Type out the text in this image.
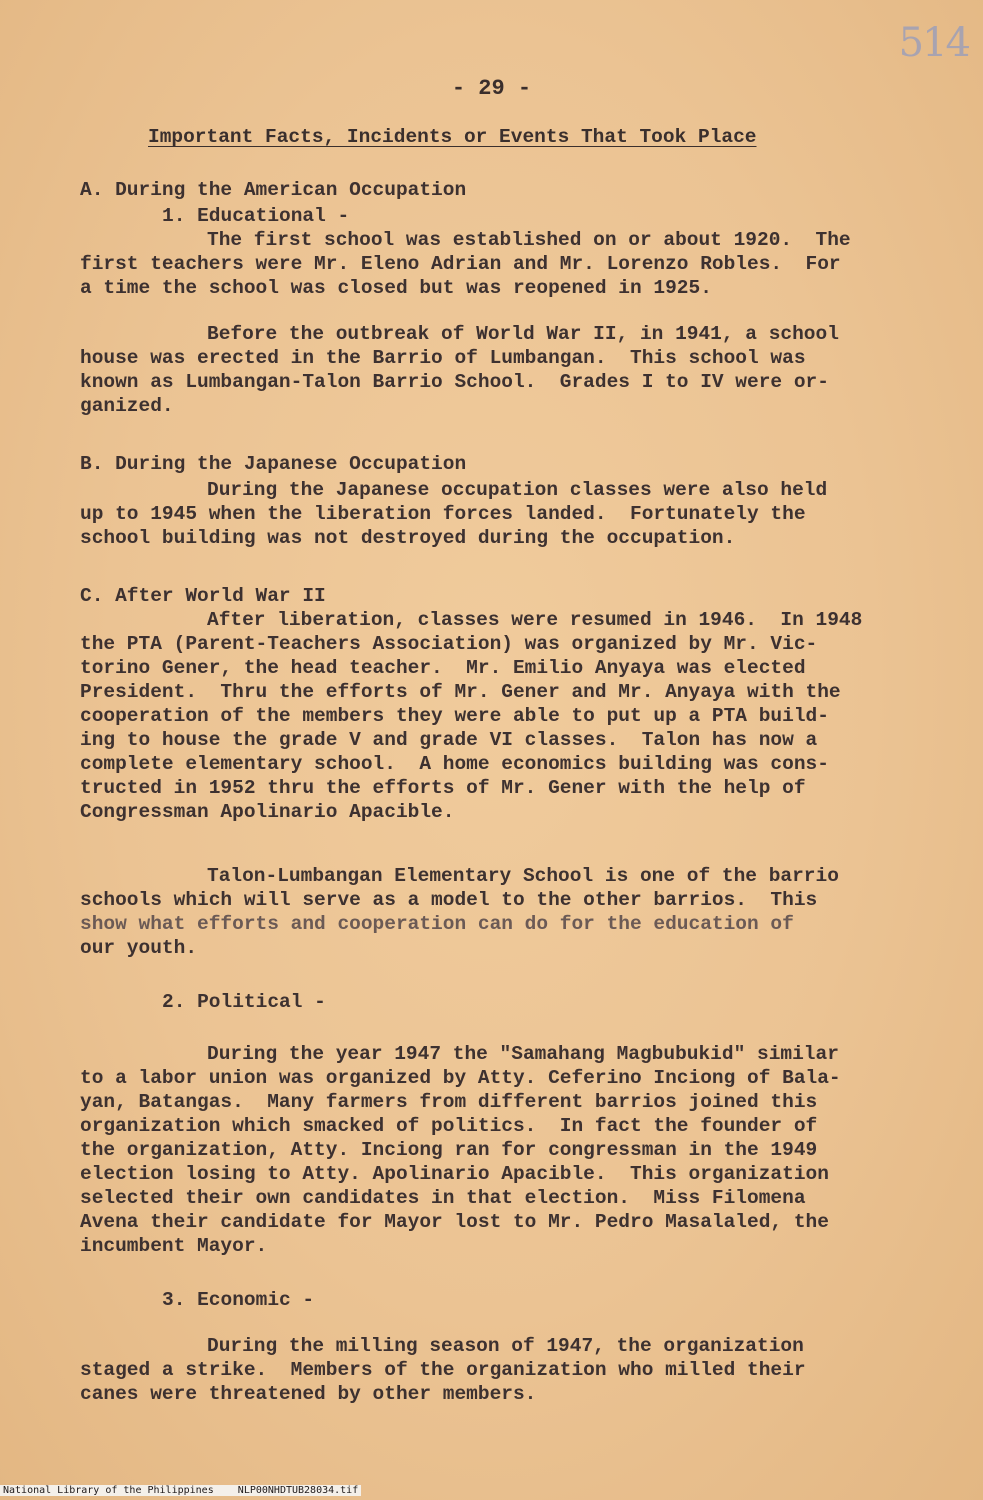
514
- 29 -
Important Facts, Incidents or Events That Took Place
A. During the American Occupation
1. Educational -
The first school was established on or about 1920.  The
first teachers were Mr. Eleno Adrian and Mr. Lorenzo Robles.  For
a time the school was closed but was reopened in 1925.
Before the outbreak of World War II, in 1941, a school
house was erected in the Barrio of Lumbangan.  This school was
known as Lumbangan-Talon Barrio School.  Grades I to IV were or-
ganized.
B. During the Japanese Occupation
During the Japanese occupation classes were also held
up to 1945 when the liberation forces landed.  Fortunately the
school building was not destroyed during the occupation.
C. After World War II
After liberation, classes were resumed in 1946.  In 1948
the PTA (Parent-Teachers Association) was organized by Mr. Vic-
torino Gener, the head teacher.  Mr. Emilio Anyaya was elected
President.  Thru the efforts of Mr. Gener and Mr. Anyaya with the
cooperation of the members they were able to put up a PTA build-
ing to house the grade V and grade VI classes.  Talon has now a
complete elementary school.  A home economics building was cons-
tructed in 1952 thru the efforts of Mr. Gener with the help of
Congressman Apolinario Apacible.
Talon-Lumbangan Elementary School is one of the barrio
schools which will serve as a model to the other barrios.  This
show what efforts and cooperation can do for the education of
our youth.
2. Political -
During the year 1947 the "Samahang Magbubukid" similar
to a labor union was organized by Atty. Ceferino Inciong of Bala-
yan, Batangas.  Many farmers from different barrios joined this
organization which smacked of politics.  In fact the founder of
the organization, Atty. Inciong ran for congressman in the 1949
election losing to Atty. Apolinario Apacible.  This organization
selected their own candidates in that election.  Miss Filomena
Avena their candidate for Mayor lost to Mr. Pedro Masalaled, the
incumbent Mayor.
3. Economic -
During the milling season of 1947, the organization
staged a strike.  Members of the organization who milled their
canes were threatened by other members.
National Library of the Philippines    NLP00NHDTUB28034.tif
